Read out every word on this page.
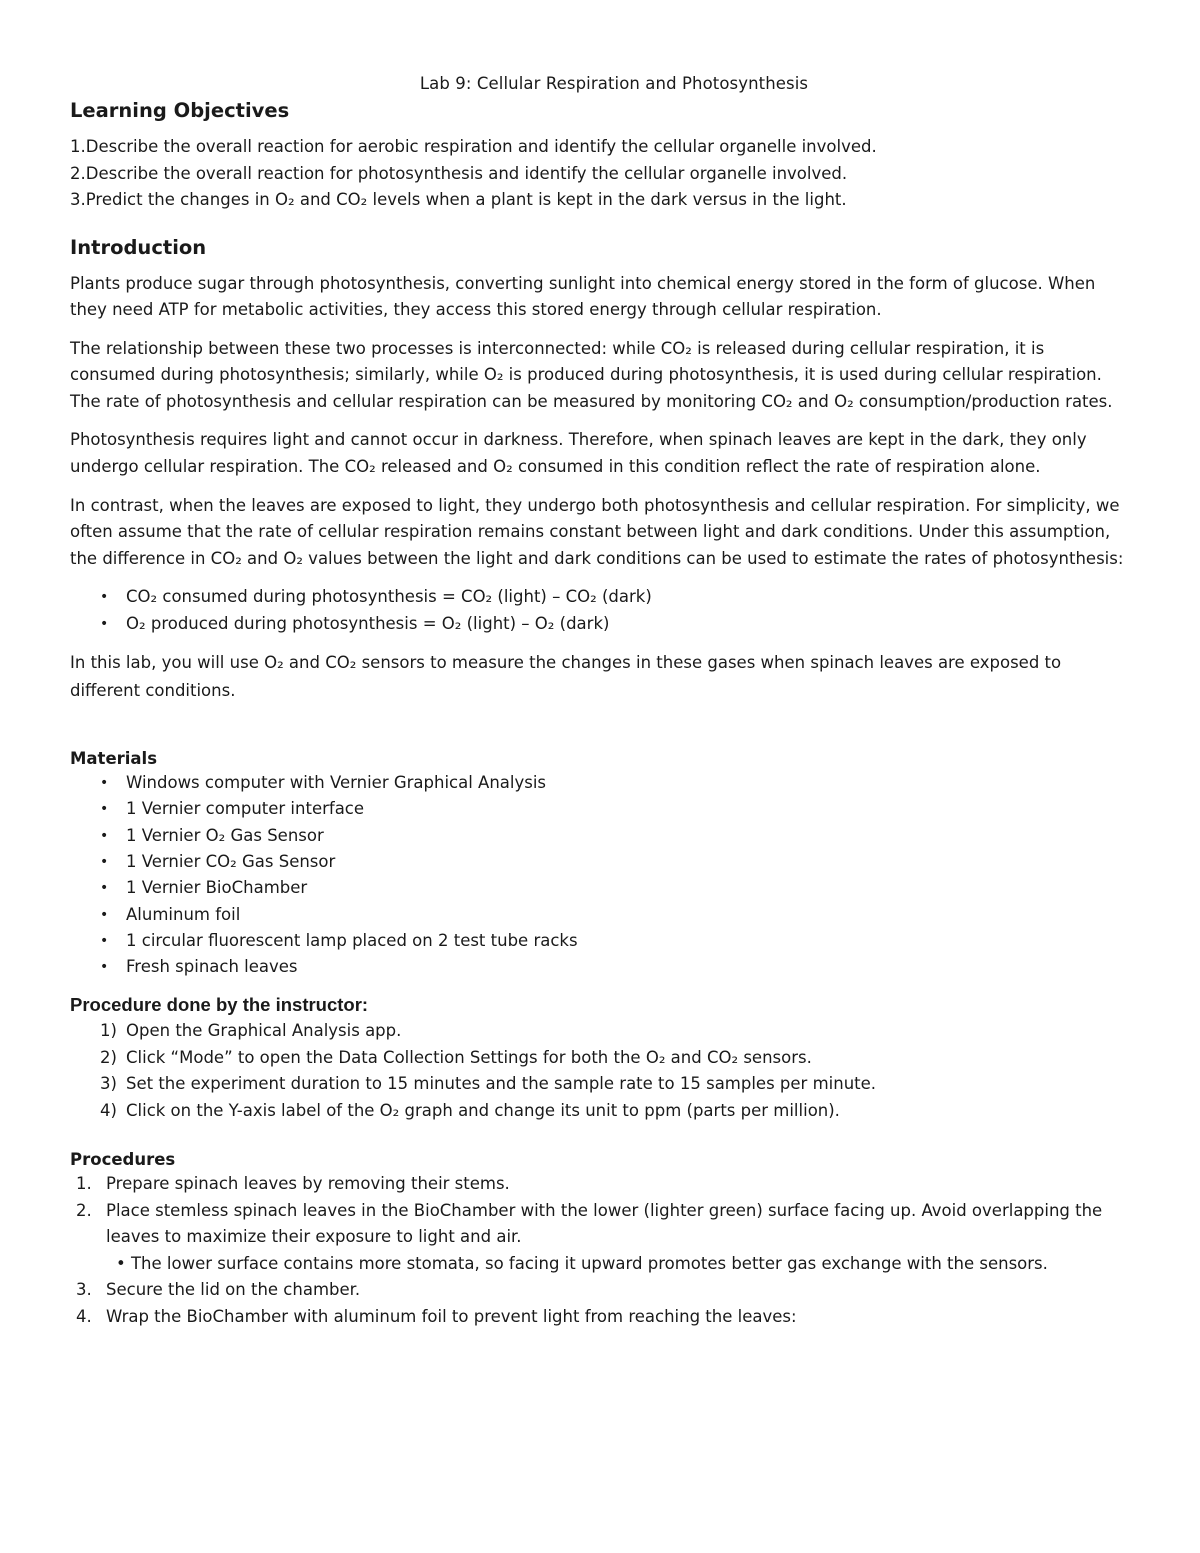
Lab 9: Cellular Respiration and Photosynthesis
Learning Objectives
1.Describe the overall reaction for aerobic respiration and identify the cellular organelle involved.
2.Describe the overall reaction for photosynthesis and identify the cellular organelle involved.
3.Predict the changes in O₂ and CO₂ levels when a plant is kept in the dark versus in the light.
Introduction

Plants produce sugar through photosynthesis, converting sunlight into chemical energy stored in the form of glucose. When they need ATP for metabolic activities, they access this stored energy through cellular respiration.

The relationship between these two processes is interconnected: while CO₂ is released during cellular respiration, it is consumed during photosynthesis; similarly, while O₂ is produced during photosynthesis, it is used during cellular respiration. The rate of photosynthesis and cellular respiration can be measured by monitoring CO₂ and O₂ consumption/production rates.

Photosynthesis requires light and cannot occur in darkness. Therefore, when spinach leaves are kept in the dark, they only undergo cellular respiration. The CO₂ released and O₂ consumed in this condition reflect the rate of respiration alone.

In contrast, when the leaves are exposed to light, they undergo both photosynthesis and cellular respiration. For simplicity, we often assume that the rate of cellular respiration remains constant between light and dark conditions. Under this assumption, the difference in CO₂ and O₂ values between the light and dark conditions can be used to estimate the rates of photosynthesis:

• CO₂ consumed during photosynthesis = CO₂ (light) – CO₂ (dark)
• O₂ produced during photosynthesis = O₂ (light) – O₂ (dark)

In this lab, you will use O₂ and CO₂ sensors to measure the changes in these gases when spinach leaves are exposed to different conditions.

Materials
• Windows computer with Vernier Graphical Analysis
• 1 Vernier computer interface
• 1 Vernier O₂ Gas Sensor
• 1 Vernier CO₂ Gas Sensor
• 1 Vernier BioChamber
• Aluminum foil
• 1 circular fluorescent lamp placed on 2 test tube racks
• Fresh spinach leaves
Procedure done by the instructor:
1) Open the Graphical Analysis app.
2) Click “Mode” to open the Data Collection Settings for both the O₂ and CO₂ sensors.
3) Set the experiment duration to 15 minutes and the sample rate to 15 samples per minute.
4) Click on the Y-axis label of the O₂ graph and change its unit to ppm (parts per million).
Procedures
1. Prepare spinach leaves by removing their stems.
2. Place stemless spinach leaves in the BioChamber with the lower (lighter green) surface facing up. Avoid overlapping the leaves to maximize their exposure to light and air.
• The lower surface contains more stomata, so facing it upward promotes better gas exchange with the sensors.
3. Secure the lid on the chamber.
4. Wrap the BioChamber with aluminum foil to prevent light from reaching the leaves:
